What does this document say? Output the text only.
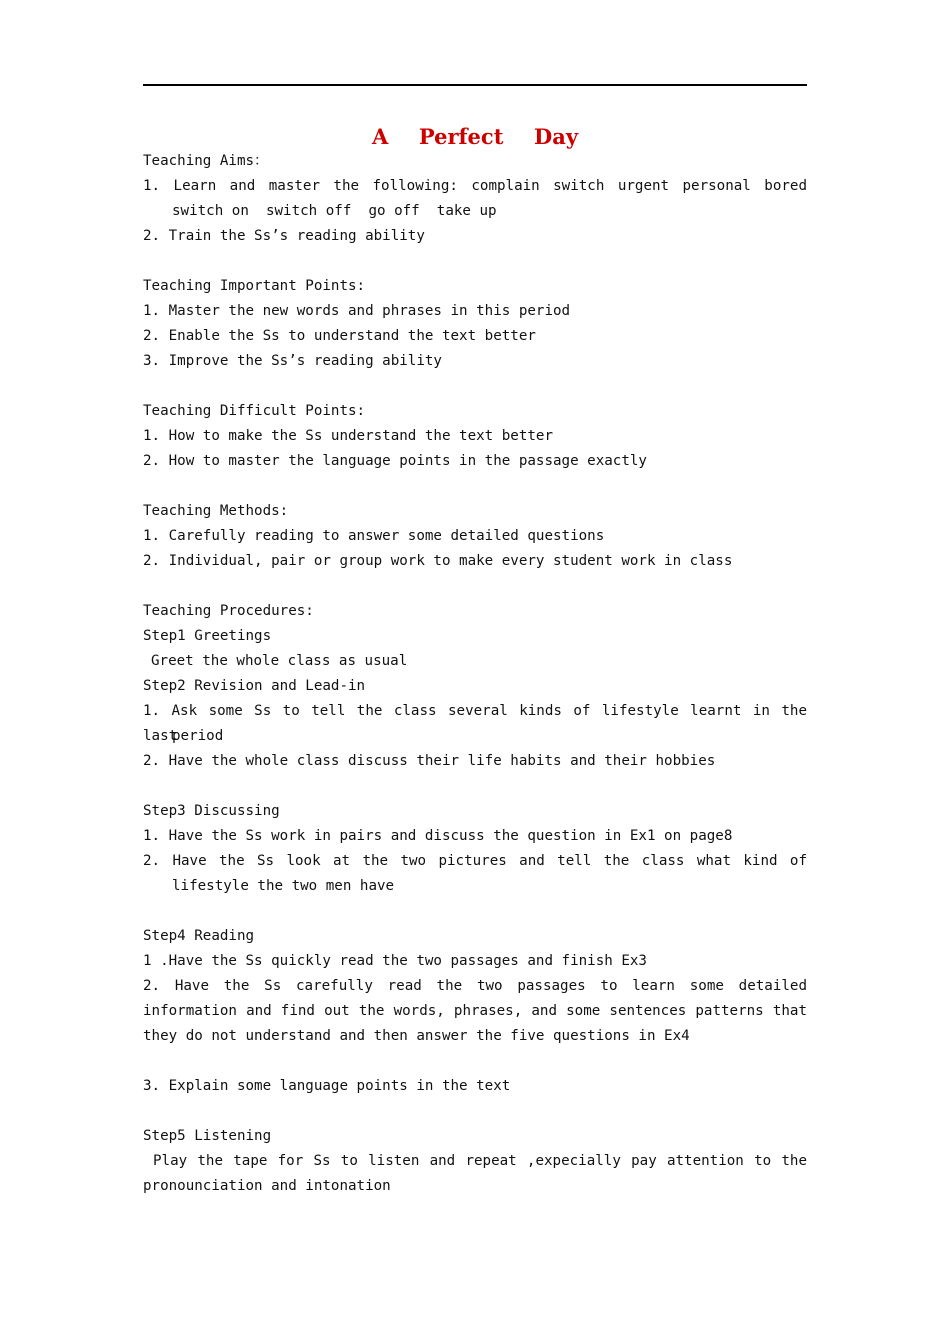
A  Perfect  Day
Teaching Aims：
1. Learn and master the following: complain switch urgent personal bored
switch on  switch off  go off  take up
2. Train the Ss’s reading ability
Teaching Important Points:
1. Master the new words and phrases in this period
2. Enable the Ss to understand the text better
3. Improve the Ss’s reading ability
Teaching Difficult Points:
1. How to make the Ss understand the text better
2. How to master the language points in the passage exactly
Teaching Methods:
1. Carefully reading to answer some detailed questions
2. Individual, pair or group work to make every student work in class
Teaching Procedures:
Step1 Greetings
Greet the whole class as usual
Step2 Revision and Lead-in
1. Ask some Ss to tell the class several kinds of lifestyle learnt in the last
period
2. Have the whole class discuss their life habits and their hobbies
Step3 Discussing
1. Have the Ss work in pairs and discuss the question in Ex1 on page8
2. Have the Ss look at the two pictures and tell the class what kind of
lifestyle the two men have
Step4 Reading
1 .Have the Ss quickly read the two passages and finish Ex3
2. Have the Ss carefully read the two passages to learn some detailed
information and find out the words, phrases, and some sentences patterns that
they do not understand and then answer the five questions in Ex4
3. Explain some language points in the text
Step5 Listening
Play the tape for Ss to listen and repeat ,expecially pay attention to the
pronounciation and intonation
